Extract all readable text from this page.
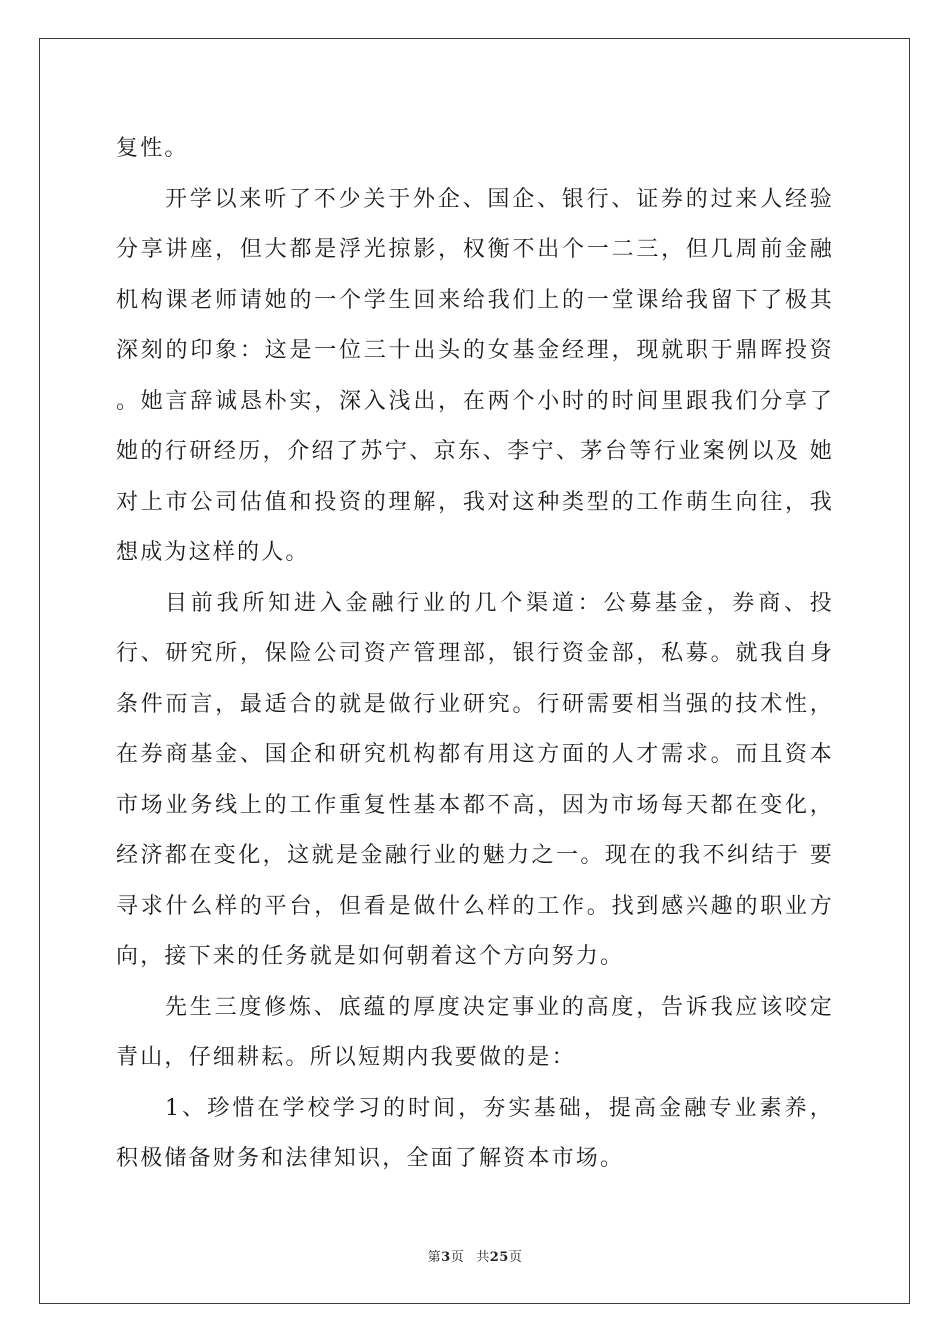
复性。

开学以来听了不少关于外企、国企、银行、证券的过来人经验分享讲座，但大都是浮光掠影，权衡不出个一二三，但几周前金融机构课老师请她的一个学生回来给我们上的一堂课给我留下了极其深刻的印象：这是一位三十出头的女基金经理，现就职于鼎晖投资 。她言辞诚恳朴实，深入浅出，在两个小时的时间里跟我们分享了她的行研经历，介绍了苏宁、京东、李宁、茅台等行业案例以及 她对上市公司估值和投资的理解，我对这种类型的工作萌生向往，我想成为这样的人。

目前我所知进入金融行业的几个渠道：公募基金，券商、投行、研究所，保险公司资产管理部，银行资金部，私募。就我自身条件而言，最适合的就是做行业研究。行研需要相当强的技术性，在券商基金、国企和研究机构都有用这方面的人才需求。而且资本 市场业务线上的工作重复性基本都不高，因为市场每天都在变化，经济都在变化，这就是金融行业的魅力之一。现在的我不纠结于 要寻求什么样的平台，但看是做什么样的工作。找到感兴趣的职业方向，接下来的任务就是如何朝着这个方向努力。

先生三度修炼、底蕴的厚度决定事业的高度，告诉我应该咬定青山，仔细耕耘。所以短期内我要做的是：

1、珍惜在学校学习的时间，夯实基础，提高金融专业素养，积极储备财务和法律知识，全面了解资本市场。

第3页 共25页
